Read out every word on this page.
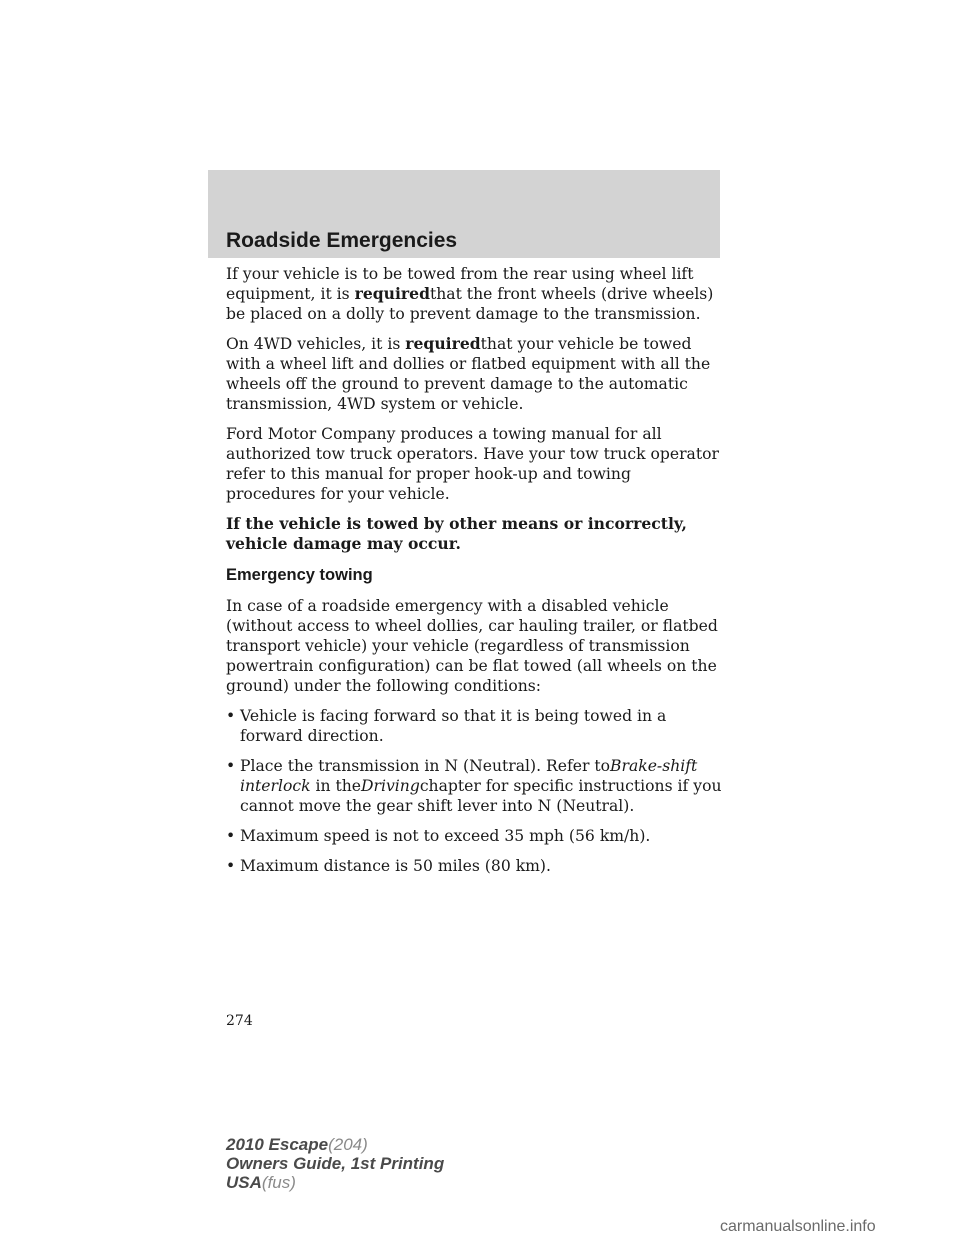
Roadside Emergencies

If your vehicle is to be towed from the rear using wheel lift equipment, it is requiredthat the front wheels (drive wheels) be placed on a dolly to prevent damage to the transmission.

On 4WD vehicles, it is requiredthat your vehicle be towed with a wheel lift and dollies or flatbed equipment with all the wheels off the ground to prevent damage to the automatic transmission, 4WD system or vehicle.

Ford Motor Company produces a towing manual for all authorized tow truck operators. Have your tow truck operator refer to this manual for proper hook-up and towing procedures for your vehicle.

If the vehicle is towed by other means or incorrectly, vehicle damage may occur.

Emergency towing

In case of a roadside emergency with a disabled vehicle (without access to wheel dollies, car hauling trailer, or flatbed transport vehicle) your vehicle (regardless of transmission powertrain configuration) can be flat towed (all wheels on the ground) under the following conditions:

• Vehicle is facing forward so that it is being towed in a forward direction.
• Place the transmission in N (Neutral). Refer toBrake-shift interlock in theDrivingchapter for specific instructions if you cannot move the gear shift lever into N (Neutral).
• Maximum speed is not to exceed 35 mph (56 km/h).
• Maximum distance is 50 miles (80 km).
274
2010 Escape(204)
Owners Guide, 1st Printing
USA(fus)
carmanualsonline.info
